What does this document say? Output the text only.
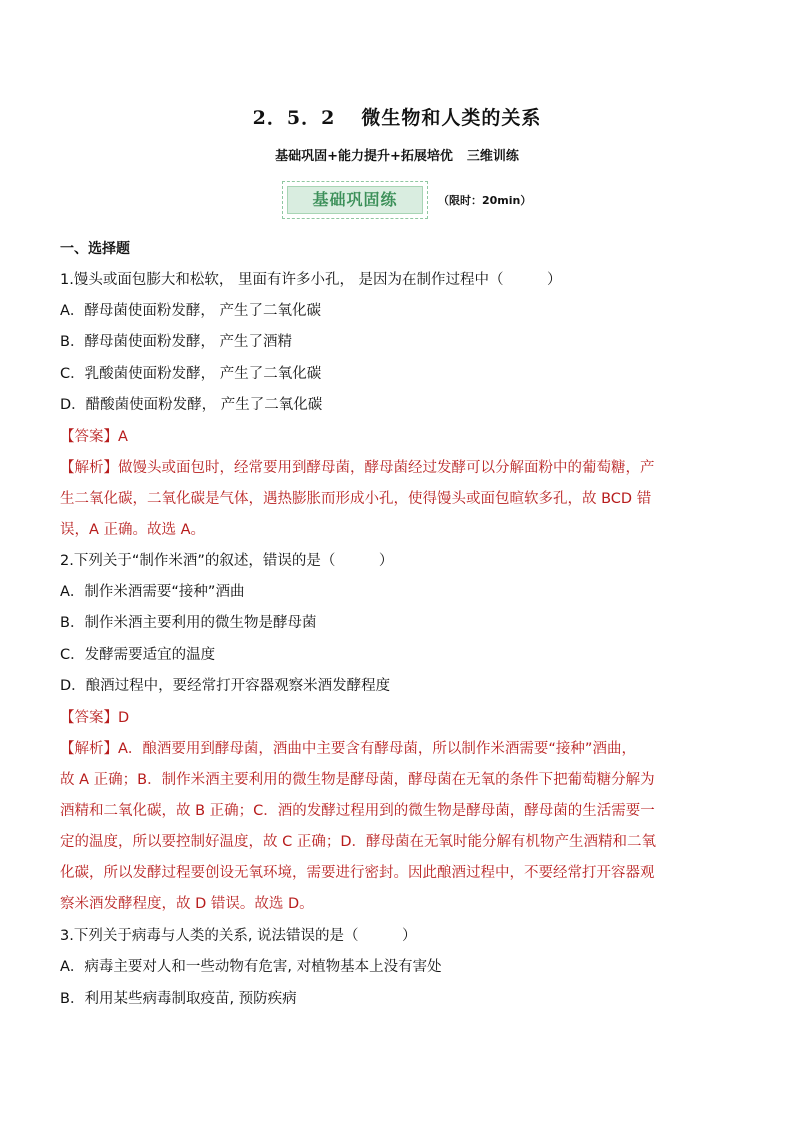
2．5．2 微生物和人类的关系
基础巩固+能力提升+拓展培优 三维训练
基础巩固练	（限时：20min）
一、选择题
1.馒头或面包膨大和松软， 里面有许多小孔， 是因为在制作过程中（　　　）
A．酵母菌使面粉发酵， 产生了二氧化碳
B．酵母菌使面粉发酵， 产生了酒精
C．乳酸菌使面粉发酵， 产生了二氧化碳
D．醋酸菌使面粉发酵， 产生了二氧化碳
【答案】A
【解析】做馒头或面包时，经常要用到酵母菌，酵母菌经过发酵可以分解面粉中的葡萄糖，产
生二氧化碳，二氧化碳是气体，遇热膨胀而形成小孔，使得馒头或面包暄软多孔，故 BCD 错
误，A 正确。故选 A。
2.下列关于“制作米酒”的叙述，错误的是（　　　）
A．制作米酒需要“接种”酒曲
B．制作米酒主要利用的微生物是酵母菌
C．发酵需要适宜的温度
D．酿酒过程中，要经常打开容器观察米酒发酵程度
【答案】D
【解析】A．酿酒要用到酵母菌，酒曲中主要含有酵母菌，所以制作米酒需要“接种”酒曲，
故 A 正确；B．制作米酒主要利用的微生物是酵母菌，酵母菌在无氧的条件下把葡萄糖分解为
酒精和二氧化碳，故 B 正确；C．酒的发酵过程用到的微生物是酵母菌，酵母菌的生活需要一
定的温度，所以要控制好温度，故 C 正确；D．酵母菌在无氧时能分解有机物产生酒精和二氧
化碳，所以发酵过程要创设无氧环境，需要进行密封。因此酿酒过程中，不要经常打开容器观
察米酒发酵程度，故 D 错误。故选 D。
3.下列关于病毒与人类的关系, 说法错误的是（　　　）
A．病毒主要对人和一些动物有危害, 对植物基本上没有害处
B．利用某些病毒制取疫苗, 预防疾病
